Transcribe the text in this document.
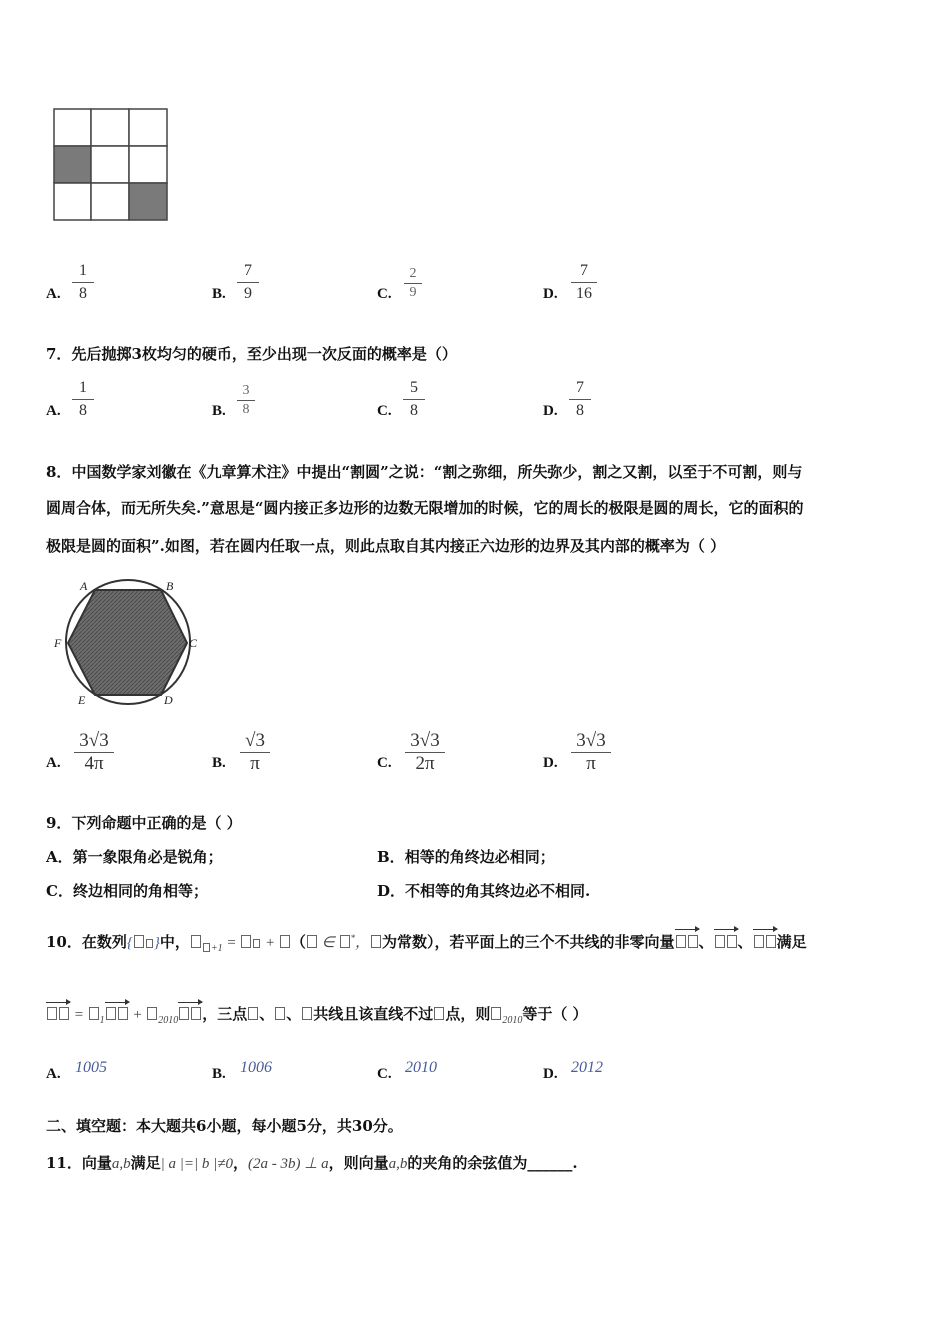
A.
1
8	B.
7
9	C.
2
9	D.
7
16
7．先后抛掷3枚均匀的硬币，至少出现一次反面的概率是（）
A.
1
8	B.
3
8	C.
5
8	D.
7
8
8．中国数学家刘徽在《九章算术注》中提出“割圆”之说：“割之弥细，所失弥少，割之又割，以至于不可割，则与
圆周合体，而无所失矣.”意思是“圆内接正多边形的边数无限增加的时候，它的周长的极限是圆的周长，它的面积的
极限是圆的面积”.如图，若在圆内任取一点，则此点取自其内接正六边形的边界及其内部的概率为（ ）
A	B
C
D
E
F
A.
3√3
4π	B.
√3
π	C.
3√3
2π	D.
3√3
π
9．下列命题中正确的是（ ）
A．第一象限角必是锐角；	B．相等的角终边必相同；
C．终边相同的角相等；	D．不相等的角其终边必不相同.
10．在数列{ }中， $_{+1}$ =  + （ ∈ *， 为常数），若平面上的三个不共线的非零向量 、 、 满足
= $_1$ + $_{2010}$ ，三点 、 、 共线且该直线不过 点，则 $_{2010}$等于（ ）
A. 1005	B. 1006	C. 2010	D. 2012
二、填空题：本大题共6小题，每小题5分，共30分。
11．向量a,b满足| a |=| b |≠0，(2a - 3b) ⊥ a，则向量a,b的夹角的余弦值为______.
